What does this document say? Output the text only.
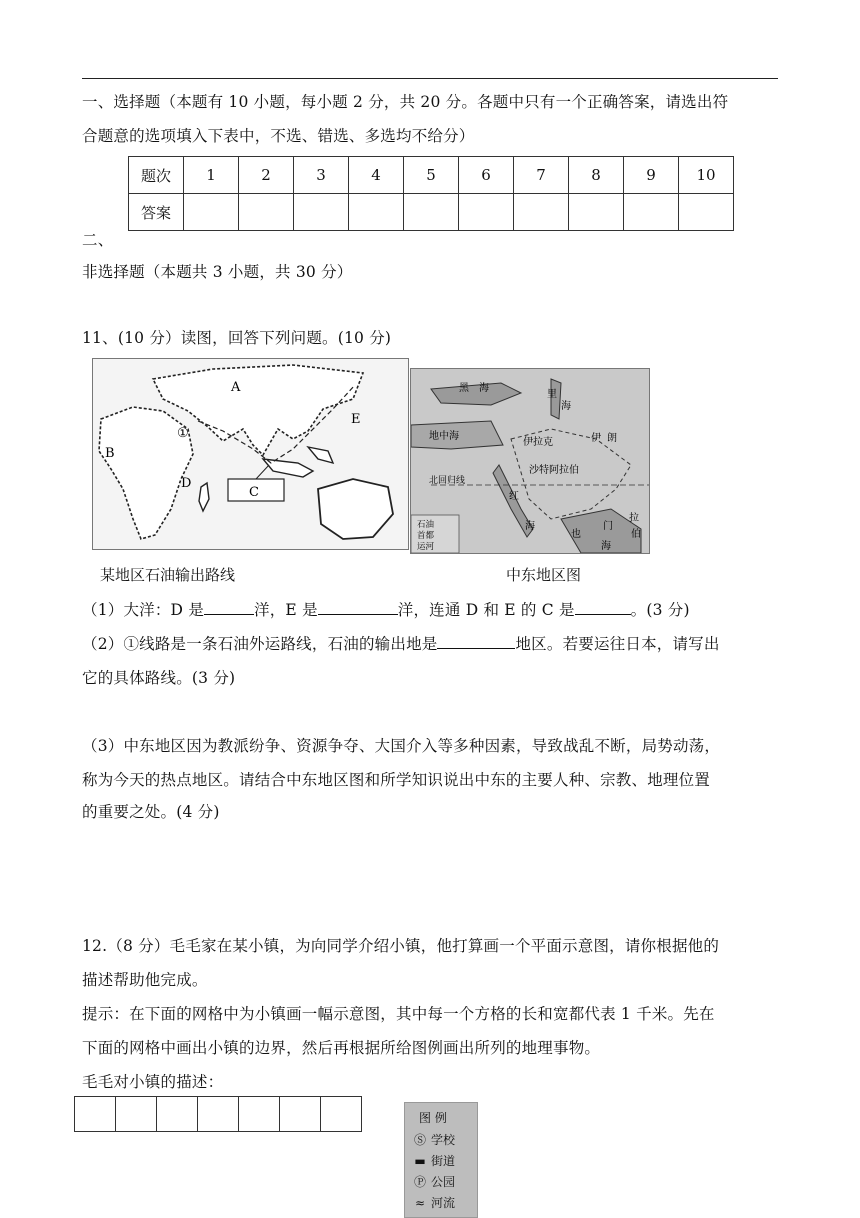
一、选择题（本题有 10 小题，每小题 2 分，共 20 分。各题中只有一个正确答案，请选出符
合题意的选项填入下表中，不选、错选、多选均不给分）
题次	1	2	3	4	5	6	7	8	9	10
答案										
二、
非选择题（本题共 3 小题，共 30 分）
11、(10 分）读图，回答下列问题。(10 分)
A
B
C
D
E
①
石油
首都
运河
黑 海
里
海
地中海
伊拉克	伊 朗
沙特阿拉伯
北回归线
红
海
也
门
拉
伯
海
某地区石油输出路线	中东地区图
（1）大洋：D 是	洋，E 是	洋，连通 D 和 E 的 C 是	。(3 分)
（2）①线路是一条石油外运路线，石油的输出地是	地区。若要运往日本，请写出
它的具体路线。(3 分)
（3）中东地区因为教派纷争、资源争夺、大国介入等多种因素，导致战乱不断，局势动荡，
称为今天的热点地区。请结合中东地区图和所学知识说出中东的主要人种、宗教、地理位置
的重要之处。(4 分)
12.（8 分）毛毛家在某小镇，为向同学介绍小镇，他打算画一个平面示意图，请你根据他的
描述帮助他完成。
提示：在下面的网格中为小镇画一幅示意图，其中每一个方格的长和宽都代表 1 千米。先在
下面的网格中画出小镇的边界，然后再根据所给图例画出所列的地理事物。
毛毛对小镇的描述：

图 例
Ⓢ 学校
▬ 街道
Ⓟ 公园
≈ 河流
